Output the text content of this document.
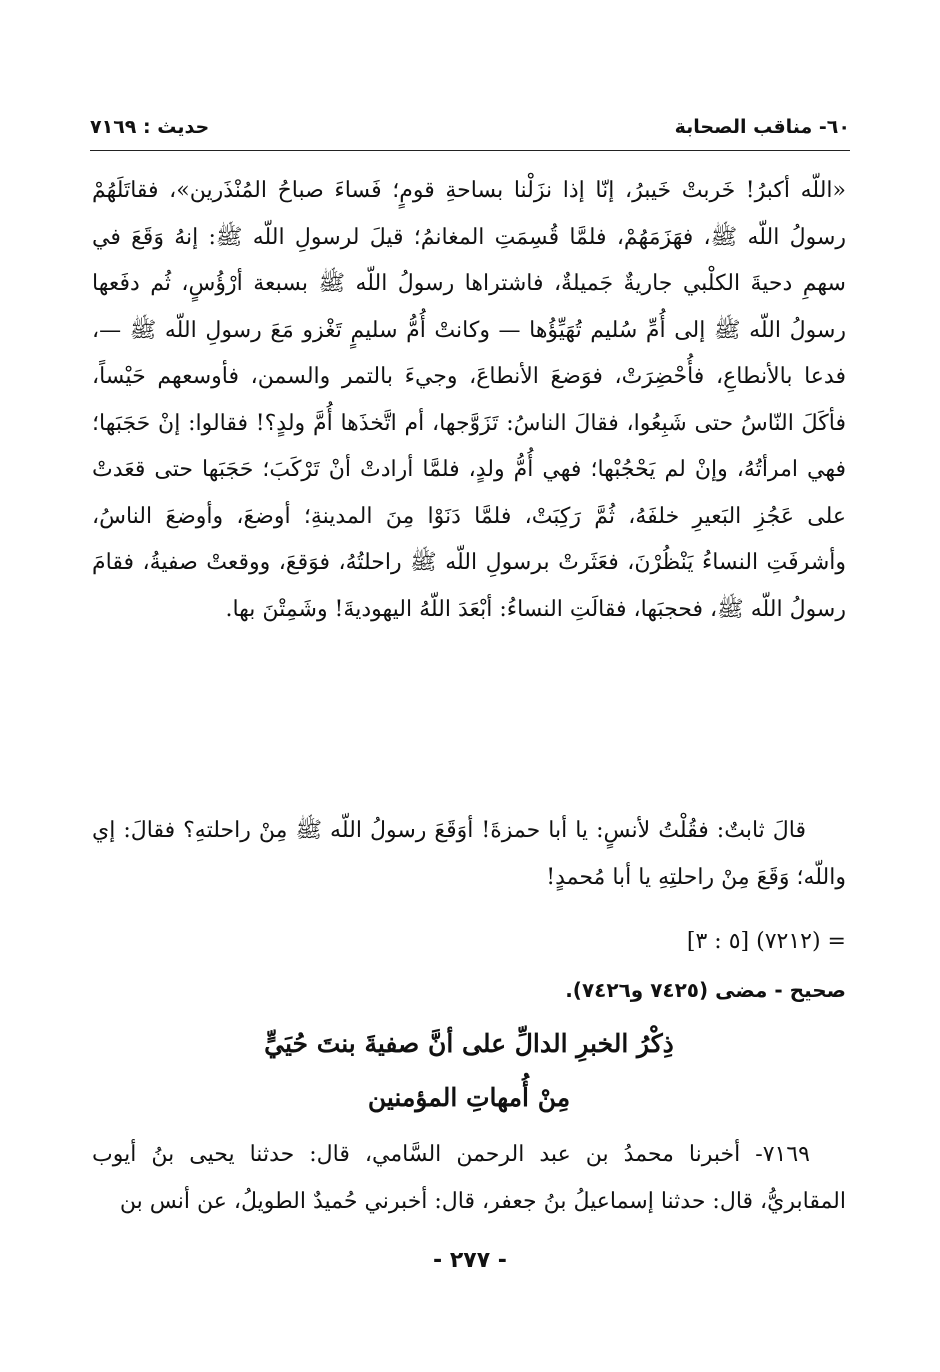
٦٠- مناقب الصحابة
حديث : ٧١٦٩

«اللّه أكبرُ! خَربتْ خَيبرُ، إنّا إذا نزَلْنا بساحةِ قومٍ؛ فَساءَ صباحُ المُنْذَرين»، فقاتَلَهُمْ رسولُ اللّه ﷺ، فهَزَمَهُمْ، فلمَّا قُسِمَتِ المغانمُ؛ قيلَ لرسولِ اللّه ﷺ: إنهُ وَقَعَ في سهمِ دحيةَ الكلْبي جاريةٌ جَميلةٌ، فاشتراها رسولُ اللّه ﷺ بسبعة أرْؤُسٍ، ثُم دفَعها رسولُ اللّه ﷺ إلى أُمِّ سُليم تُهَيِّؤُها — وكانتْ أُمُّ سليمٍ تَغْزو مَعَ رسولِ اللّه ﷺ —، فدعا بالأنطاعِ، فأُحْضِرَتْ، فوَضعَ الأنطاعَ، وجيءَ بالتمر والسمن، فأوسعهم حَيْساً، فأكَلَ النّاسُ حتى شَبِعُوا، فقالَ الناسُ: تَزَوَّجها، أم اتَّخذَها أُمَّ ولدٍ؟! فقالوا: إنْ حَجَبَها؛ فهي امرأتُهُ، وإنْ لم يَحْجُبْها؛ فهي أُمُّ ولدٍ، فلمَّا أرادتْ أنْ تَرْكَبَ؛ حَجَبَها حتى قعَدتْ على عَجُزِ البَعيرِ خلفَهُ، ثُمَّ رَكِبَتْ، فلمَّا دَنَوْا مِنَ المدينةِ؛ أوضعَ، وأوضعَ الناسُ، وأشرفَتِ النساءُ يَنْظُرْنَ، فعَثَرتْ برسولِ اللّه ﷺ راحلتُهُ، فوَقعَ، ووقعتْ صفيةُ، فقامَ رسولُ اللّه ﷺ، فحجبَها، فقالَتِ النساءُ: أبْعَدَ اللّهُ اليهوديةَ! وشَمِتْنَ بها.

قالَ ثابتٌ: فقُلْتُ لأنسٍ: يا أبا حمزةَ! أوَقَعَ رسولُ اللّه ﷺ مِنْ راحلتهِ؟ فقالَ: إي واللّه؛ وَقَعَ مِنْ راحلتِهِ يا أبا مُحمدٍ!

= (٧٢١٢) [٥ : ٣]

صحيح - مضى (٧٤٢٥ و٧٤٢٦).

ذِكْرُ الخبرِ الدالِّ على أنَّ صفيةَ بنتَ حُيَيٍّ

مِنْ أُمهاتِ المؤمنين

٧١٦٩- أخبرنا محمدُ بن عبد الرحمن السَّامي، قال: حدثنا يحيى بنُ أيوب المقابريُّ، قال: حدثنا إسماعيلُ بنُ جعفر، قال: أخبرني حُميدٌ الطويلُ، عن أنس بن

- ٢٧٧ -
